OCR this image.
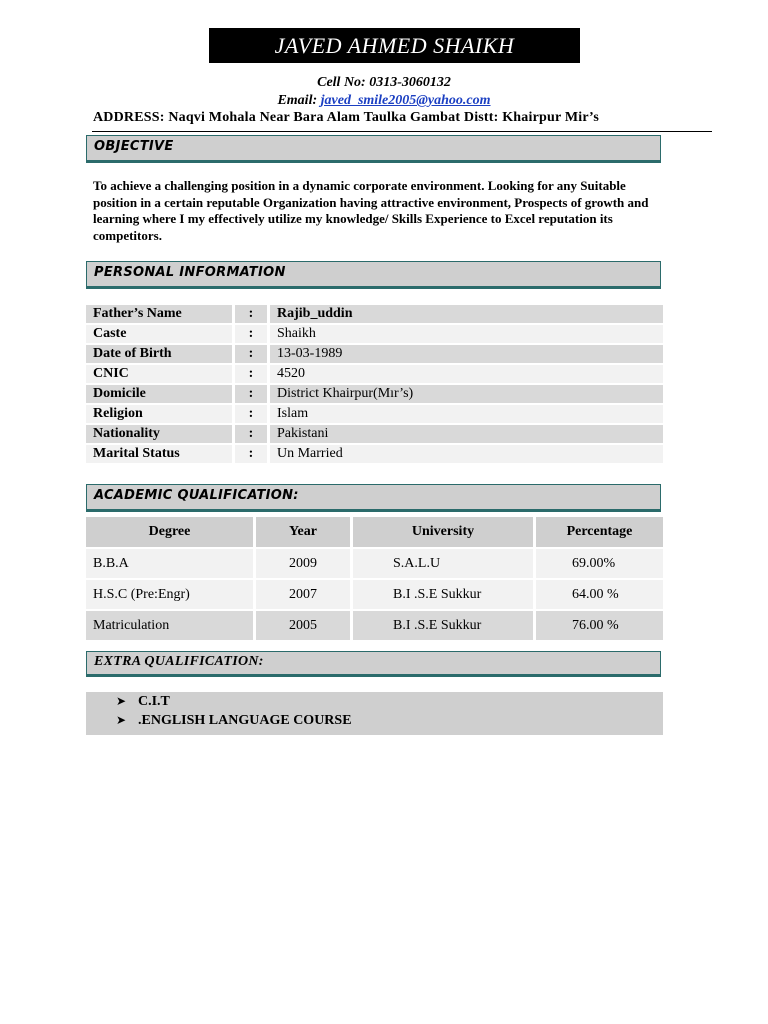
JAVED AHMED SHAIKH
Cell No: 0313-3060132
Email: javed_smile2005@yahoo.com
ADDRESS: Naqvi Mohala Near Bara Alam Taulka Gambat Distt: Khairpur Mir’s
OBJECTIVE
To achieve a challenging position in a dynamic corporate environment. Looking for any Suitable position in a certain reputable Organization having attractive environment, Prospects of growth and learning where I my effectively utilize my knowledge/ Skills Experience to Excel reputation its competitors.
PERSONAL INFORMATION
Father’s Name	:	Rajib_uddin
Caste	:	Shaikh
Date of Birth	:	13-03-1989
CNIC	:	4520
Domicile	:	District Khairpur(Mır’s)
Religion	:	Islam
Nationality	:	Pakistani
Marital Status	:	Un Married
ACADEMIC QUALIFICATION:
Degree	Year	University	Percentage
B.B.A	2009	S.A.L.U	69.00%
H.S.C (Pre:Engr)	2007	B.I .S.E Sukkur	64.00 %
Matriculation	2005	B.I .S.E Sukkur	76.00 %
EXTRA QUALIFICATION:
➤ C.I.T
➤ .ENGLISH LANGUAGE COURSE
